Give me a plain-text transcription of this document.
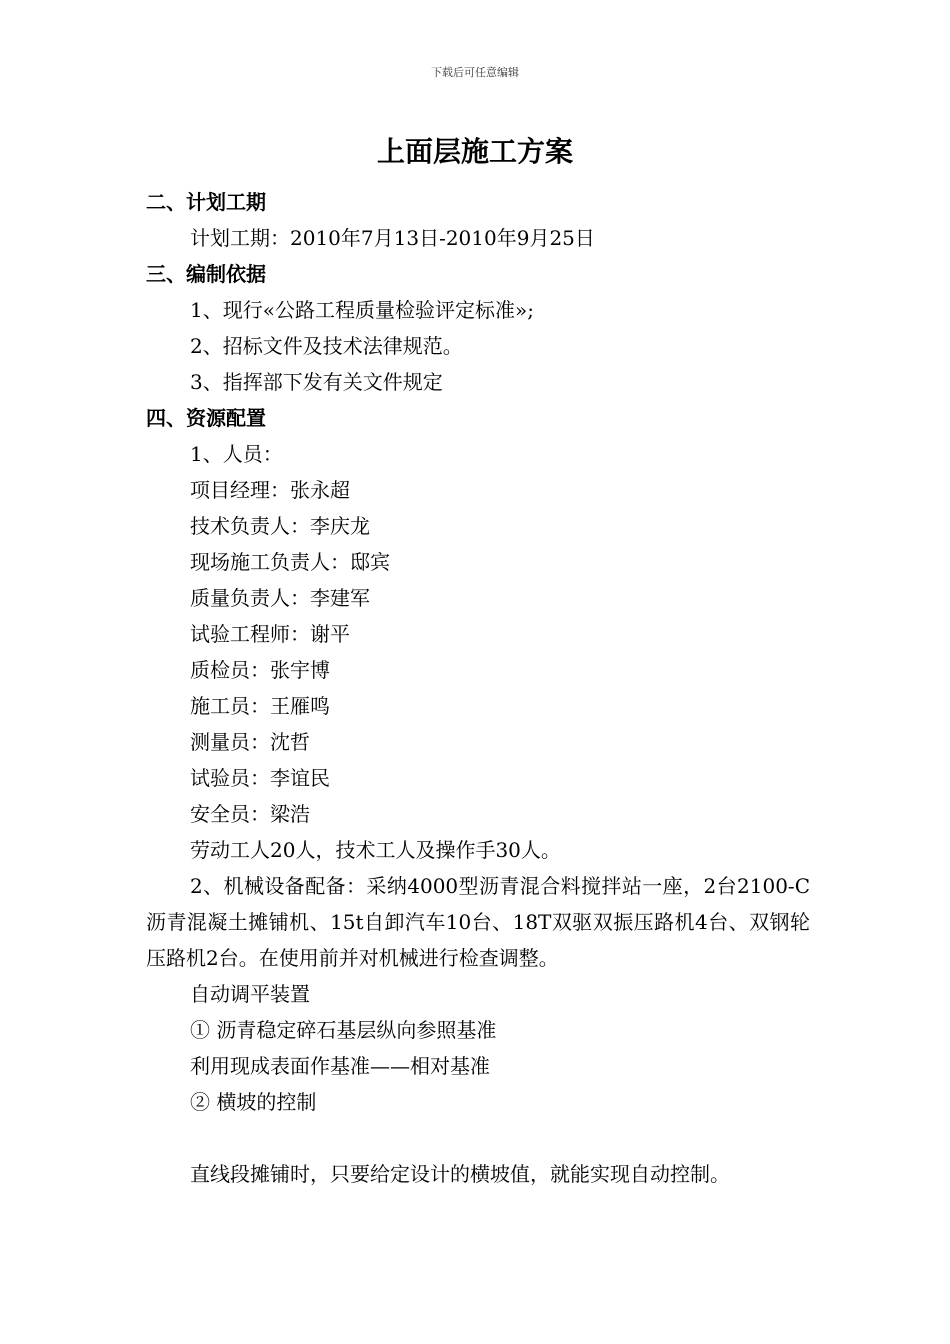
下载后可任意编辑
上面层施工方案
二、计划工期
计划工期：2010年7月13日-2010年9月25日
三、编制依据
1、现行«公路工程质量检验评定标准»;
2、招标文件及技术法律规范。
3、指挥部下发有关文件规定
四、资源配置
1、人员：
项目经理：张永超
技术负责人：李庆龙
现场施工负责人：邸宾
质量负责人：李建军
试验工程师：谢平
质检员：张宇博
施工员：王雁鸣
测量员：沈哲
试验员：李谊民
安全员：梁浩
劳动工人20人，技术工人及操作手30人。

2、机械设备配备：采纳4000型沥青混合料搅拌站一座，2台2100-C沥青混凝土摊铺机、15t自卸汽车10台、18T双驱双振压路机4台、双钢轮压路机2台。在使用前并对机械进行检查调整。

自动调平装置
① 沥青稳定碎石基层纵向参照基准
利用现成表面作基准——相对基准
② 横坡的控制
直线段摊铺时，只要给定设计的横坡值，就能实现自动控制。
